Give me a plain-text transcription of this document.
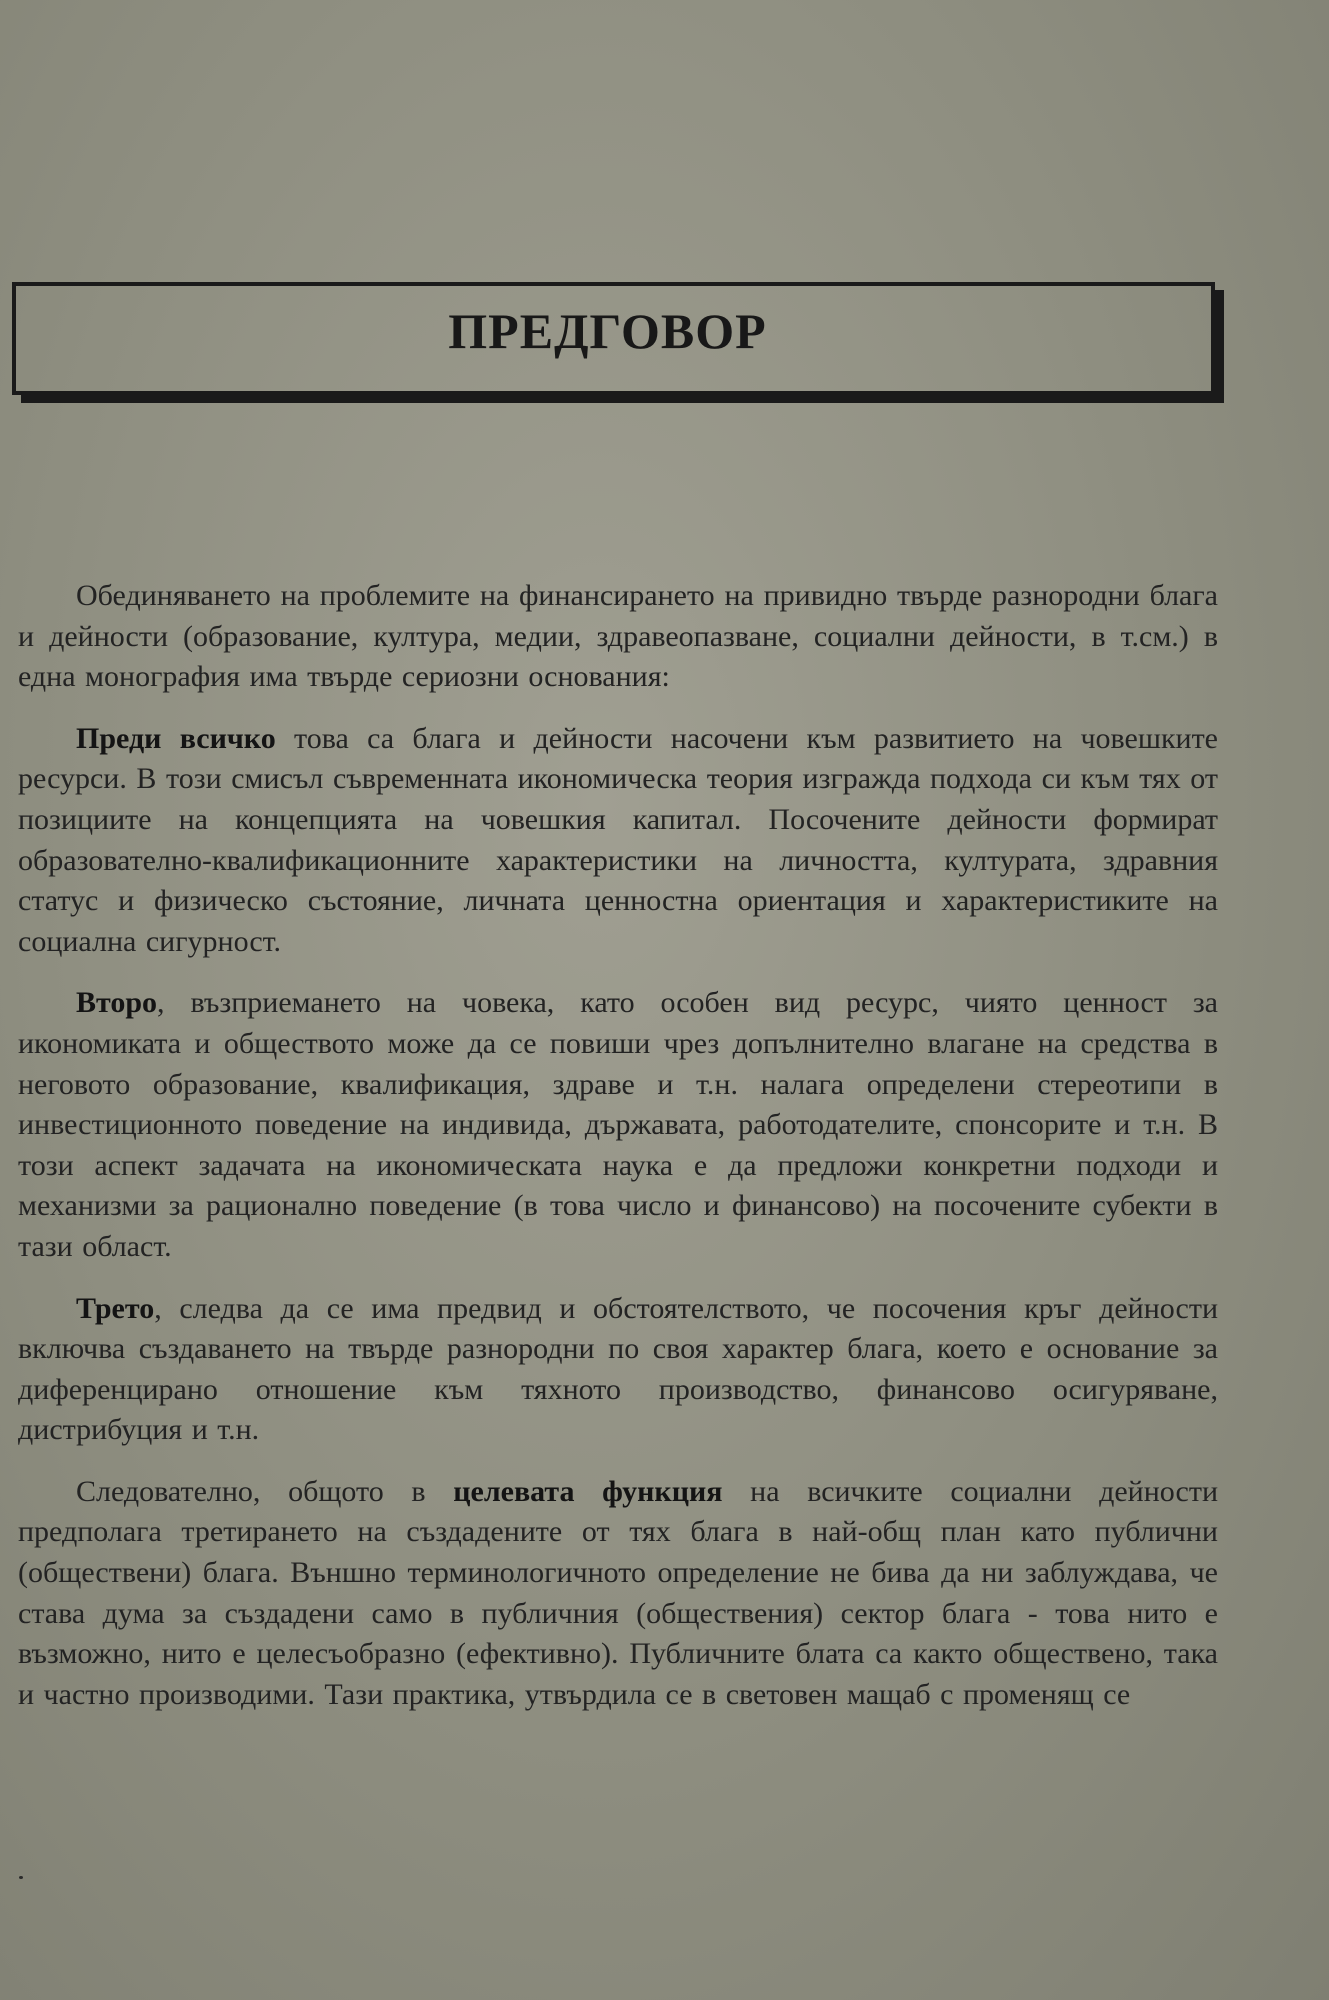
ПРЕДГОВОР

Обединяването на проблемите на финансирането на привидно твърде разнородни блага и дейности (образование, култура, медии, здравеопазване, социални дейности, в т.см.) в една монография има твърде сериозни основания:

Преди всичко това са блага и дейности насочени към развитието на човешките ресурси. В този смисъл съвременната икономическа теория изгражда подхода си към тях от позициите на концепцията на човешкия капитал. Посочените дейности формират образователно-квалификационните характеристики на личността, културата, здравния статус и физическо състояние, личната ценностна ориентация и характеристиките на социална сигурност.

Второ, възприемането на човека, като особен вид ресурс, чиято ценност за икономиката и обществото може да се повиши чрез допълнително влагане на средства в неговото образование, квалификация, здраве и т.н. налага определени стереотипи в инвестиционното поведение на индивида, държавата, работодателите, спонсорите и т.н. В този аспект задачата на икономическата наука е да предложи конкретни подходи и механизми за рационално поведение (в това число и финансово) на посочените субекти в тази област.

Трето, следва да се има предвид и обстоятелството, че посочения кръг дейности включва създаването на твърде разнородни по своя характер блага, което е основание за диференцирано отношение към тяхното производство, финансово осигуряване, дистрибуция и т.н.

Следователно, общото в целевата функция на всичките социални дейности предполага третирането на създадените от тях блага в най-общ план като публични (обществени) блага. Външно терминологичното определение не бива да ни заблуждава, че става дума за създадени само в публичния (обществения) сектор блага - това нито е възможно, нито е целесъобразно (ефективно). Публичните блата са както обществено, така и частно производими. Тази практика, утвърдила се в световен мащаб с променящ се
